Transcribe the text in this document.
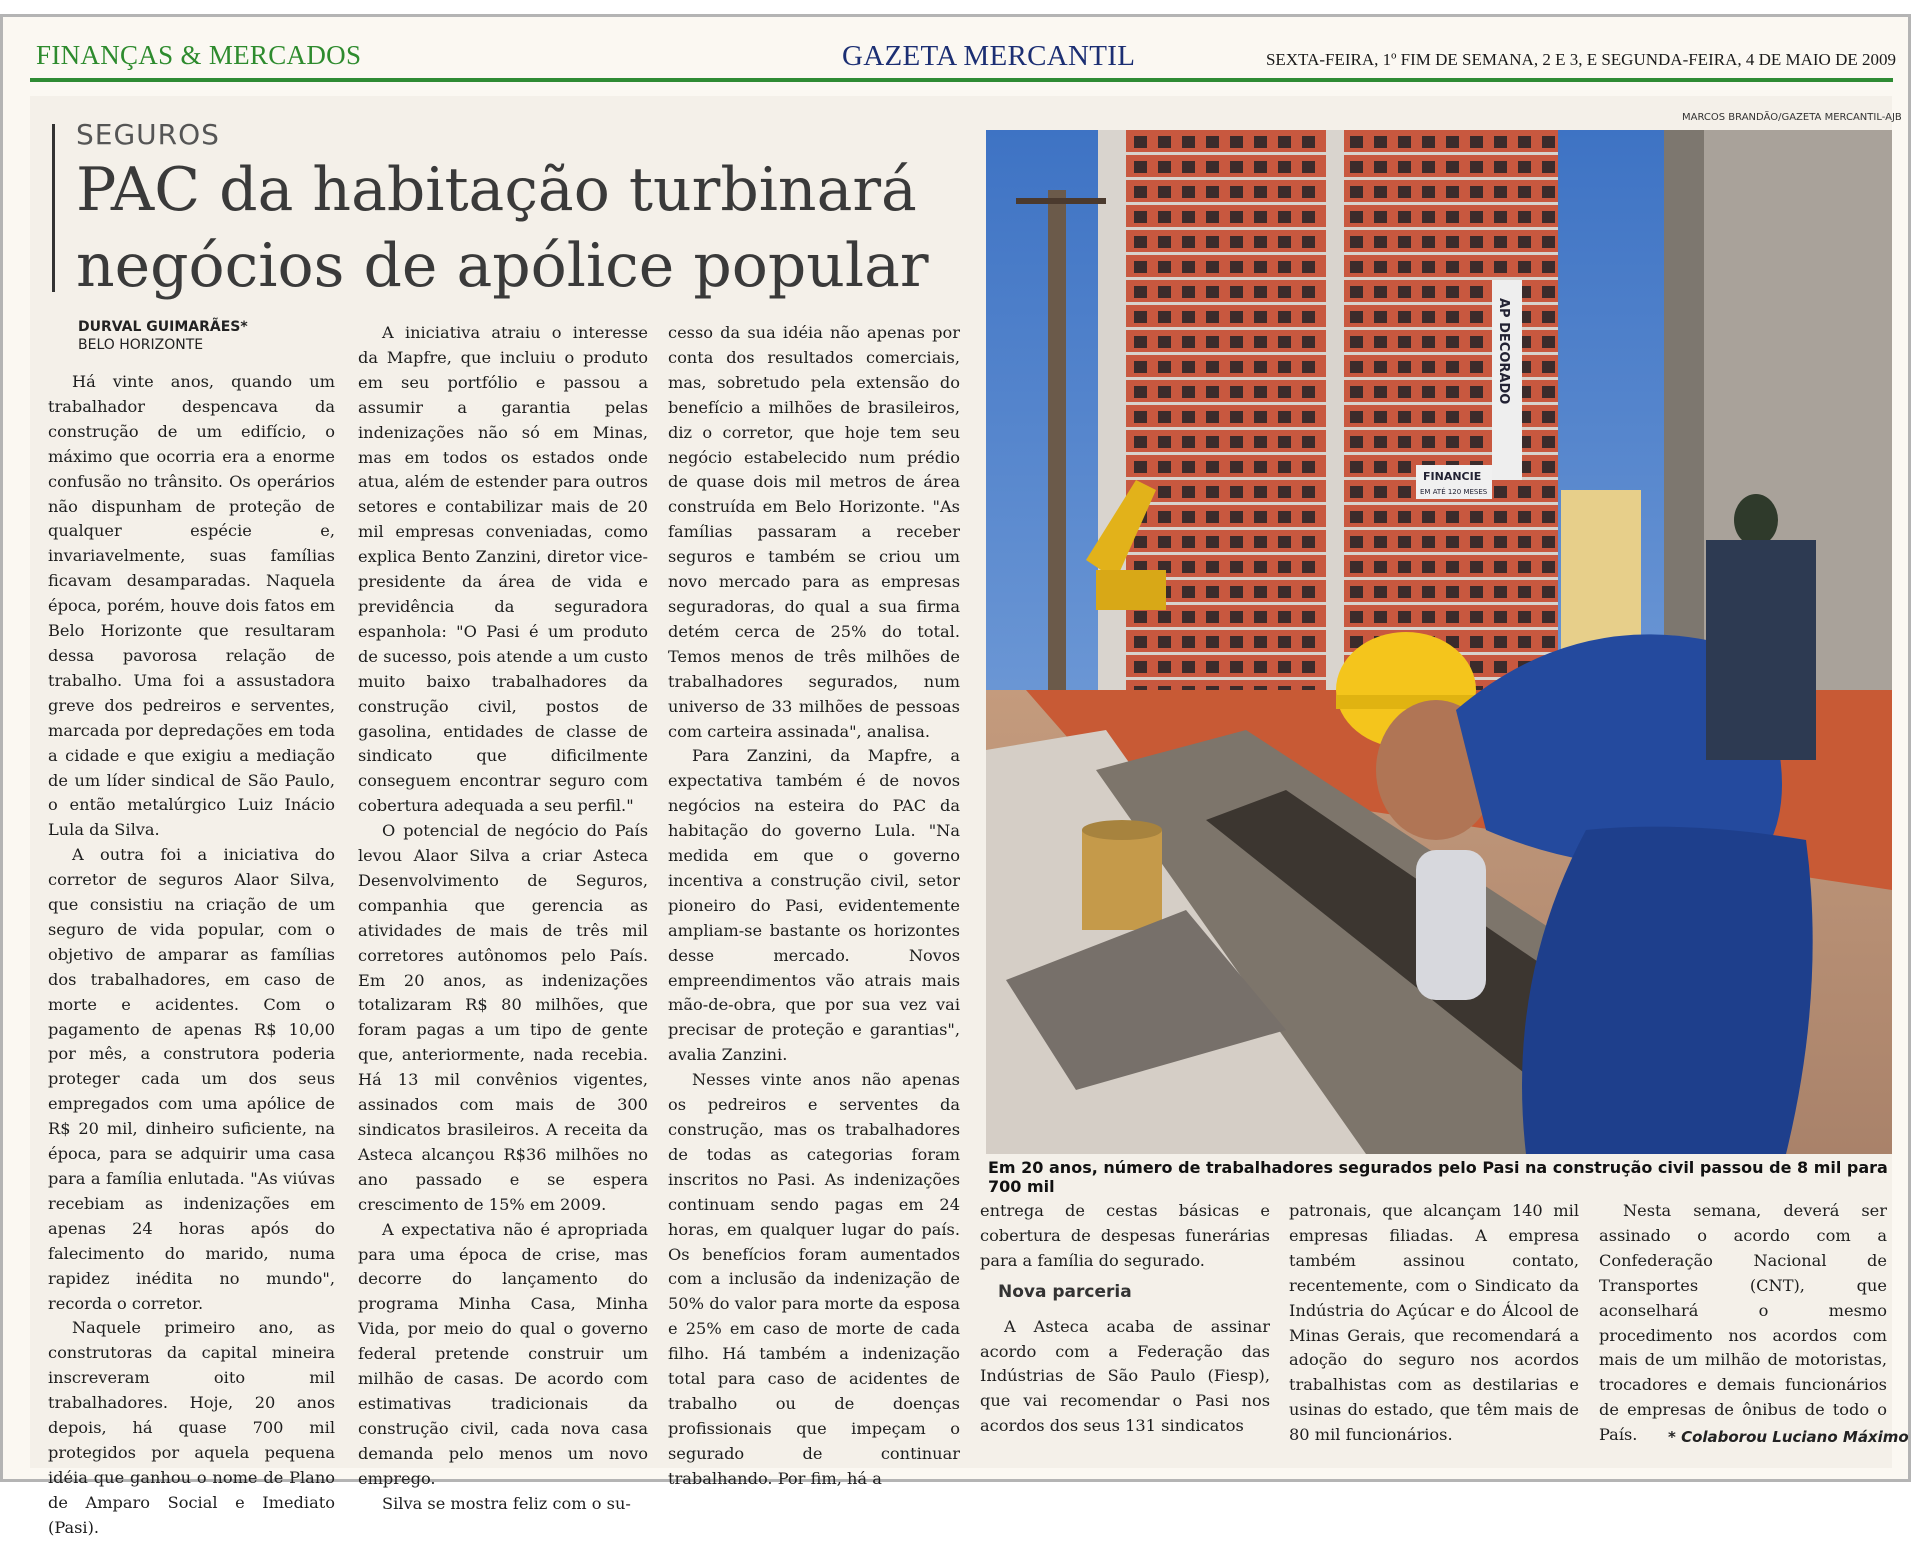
FINANÇAS & MERCADOS	GAZETA MERCANTIL	SEXTA-FEIRA, 1º FIM DE SEMANA, 2 E 3, E SEGUNDA-FEIRA, 4 DE MAIO DE 2009
SEGUROS
PAC da habitação turbinará negócios de apólice popular
DURVAL GUIMARÃES*
BELO HORIZONTE

Há vinte anos, quando um trabalhador despencava da construção de um edifício, o máximo que ocorria era a enorme confusão no trânsito. Os operários não dispunham de proteção de qualquer espécie e, invariavelmente, suas famílias ficavam desamparadas. Naquela época, porém, houve dois fatos em Belo Horizonte que resultaram dessa pavorosa relação de trabalho. Uma foi a assustadora greve dos pedreiros e serventes, marcada por depredações em toda a cidade e que exigiu a mediação de um líder sindical de São Paulo, o então metalúrgico Luiz Inácio Lula da Silva.

A outra foi a iniciativa do corretor de seguros Alaor Silva, que consistiu na criação de um seguro de vida popular, com o objetivo de amparar as famílias dos trabalhadores, em caso de morte e acidentes. Com o pagamento de apenas R$ 10,00 por mês, a construtora poderia proteger cada um dos seus empregados com uma apólice de R$ 20 mil, dinheiro suficiente, na época, para se adquirir uma casa para a família enlutada. "As viúvas recebiam as indenizações em apenas 24 horas após do falecimento do marido, numa rapidez inédita no mundo", recorda o corretor.

Naquele primeiro ano, as construtoras da capital mineira inscreveram oito mil trabalhadores. Hoje, 20 anos depois, há quase 700 mil protegidos por aquela pequena idéia que ganhou o nome de Plano de Amparo Social e Imediato (Pasi).

A iniciativa atraiu o interesse da Mapfre, que incluiu o produto em seu portfólio e passou a assumir a garantia pelas indenizações não só em Minas, mas em todos os estados onde atua, além de estender para outros setores e contabilizar mais de 20 mil empresas conveniadas, como explica Bento Zanzini, diretor vice-presidente da área de vida e previdência da seguradora espanhola: "O Pasi é um produto de sucesso, pois atende a um custo muito baixo trabalhadores da construção civil, postos de gasolina, entidades de classe de sindicato que dificilmente conseguem encontrar seguro com cobertura adequada a seu perfil."

O potencial de negócio do País levou Alaor Silva a criar Asteca Desenvolvimento de Seguros, companhia que gerencia as atividades de mais de três mil corretores autônomos pelo País. Em 20 anos, as indenizações totalizaram R$ 80 milhões, que foram pagas a um tipo de gente que, anteriormente, nada recebia. Há 13 mil convênios vigentes, assinados com mais de 300 sindicatos brasileiros. A receita da Asteca alcançou R$36 milhões no ano passado e se espera crescimento de 15% em 2009.

A expectativa não é apropriada para uma época de crise, mas decorre do lançamento do programa Minha Casa, Minha Vida, por meio do qual o governo federal pretende construir um milhão de casas. De acordo com estimativas tradicionais da construção civil, cada nova casa demanda pelo menos um novo emprego.

Silva se mostra feliz com o su-

cesso da sua idéia não apenas por conta dos resultados comerciais, mas, sobretudo pela extensão do benefício a milhões de brasileiros, diz o corretor, que hoje tem seu negócio estabelecido num prédio de quase dois mil metros de área construída em Belo Horizonte. "As famílias passaram a receber seguros e também se criou um novo mercado para as empresas seguradoras, do qual a sua firma detém cerca de 25% do total. Temos menos de três milhões de trabalhadores segurados, num universo de 33 milhões de pessoas com carteira assinada", analisa.

Para Zanzini, da Mapfre, a expectativa também é de novos negócios na esteira do PAC da habitação do governo Lula. "Na medida em que o governo incentiva a construção civil, setor pioneiro do Pasi, evidentemente ampliam-se bastante os horizontes desse mercado. Novos empreendimentos vão atrais mais mão-de-obra, que por sua vez vai precisar de proteção e garantias", avalia Zanzini.

Nesses vinte anos não apenas os pedreiros e serventes da construção, mas os trabalhadores de todas as categorias foram inscritos no Pasi. As indenizações continuam sendo pagas em 24 horas, em qualquer lugar do país. Os benefícios foram aumentados com a inclusão da indenização de 50% do valor para morte da esposa e 25% em caso de morte de cada filho. Há também a indenização total para caso de acidentes de trabalho ou de doenças profissionais que impeçam o segurado de continuar trabalhando. Por fim, há a

MARCOS BRANDÃO/GAZETA MERCANTIL-AJB
AP DECORADO
FINANCIE
EM ATÉ 120 MESES
Em 20 anos, número de trabalhadores segurados pelo Pasi na construção civil passou de 8 mil para 700 mil

entrega de cestas básicas e cobertura de despesas funerárias para a família do segurado.

Nova parceria

A Asteca acaba de assinar acordo com a Federação das Indústrias de São Paulo (Fiesp), que vai recomendar o Pasi nos acordos dos seus 131 sindicatos

patronais, que alcançam 140 mil empresas filiadas. A empresa também assinou contato, recentemente, com o Sindicato da Indústria do Açúcar e do Álcool de Minas Gerais, que recomendará a adoção do seguro nos acordos trabalhistas com as destilarias e usinas do estado, que têm mais de 80 mil funcionários.

Nesta semana, deverá ser assinado o acordo com a Confederação Nacional de Transportes (CNT), que aconselhará o mesmo procedimento nos acordos com mais de um milhão de motoristas, trocadores e demais funcionários de empresas de ônibus de todo o País.	* Colaborou Luciano Máximo
